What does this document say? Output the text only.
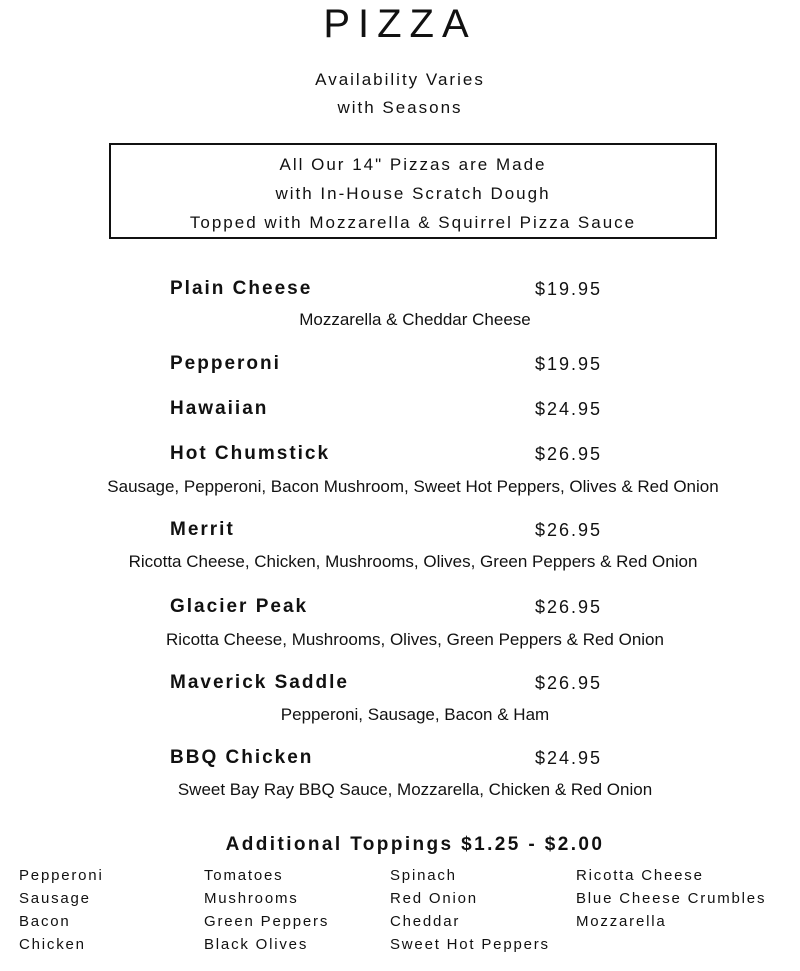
PIZZA
Availability Varies
with Seasons
All Our 14" Pizzas are Made
with In-House Scratch Dough
Topped with Mozzarella & Squirrel Pizza Sauce
Plain Cheese	$19.95
Mozzarella & Cheddar Cheese
Pepperoni	$19.95
Hawaiian	$24.95
Hot Chumstick	$26.95
Sausage, Pepperoni, Bacon Mushroom, Sweet Hot Peppers, Olives & Red Onion
Merrit	$26.95
Ricotta Cheese, Chicken, Mushrooms, Olives, Green Peppers & Red Onion
Glacier Peak	$26.95
Ricotta Cheese, Mushrooms, Olives, Green Peppers & Red Onion
Maverick Saddle	$26.95
Pepperoni, Sausage, Bacon & Ham
BBQ Chicken	$24.95
Sweet Bay Ray BBQ Sauce, Mozzarella, Chicken & Red Onion
Additional Toppings $1.25 - $2.00
Pepperoni
Sausage
Bacon
Chicken
Tomatoes
Mushrooms
Green Peppers
Black Olives
Spinach
Red Onion
Cheddar
Sweet Hot Peppers
Ricotta Cheese
Blue Cheese Crumbles
Mozzarella
